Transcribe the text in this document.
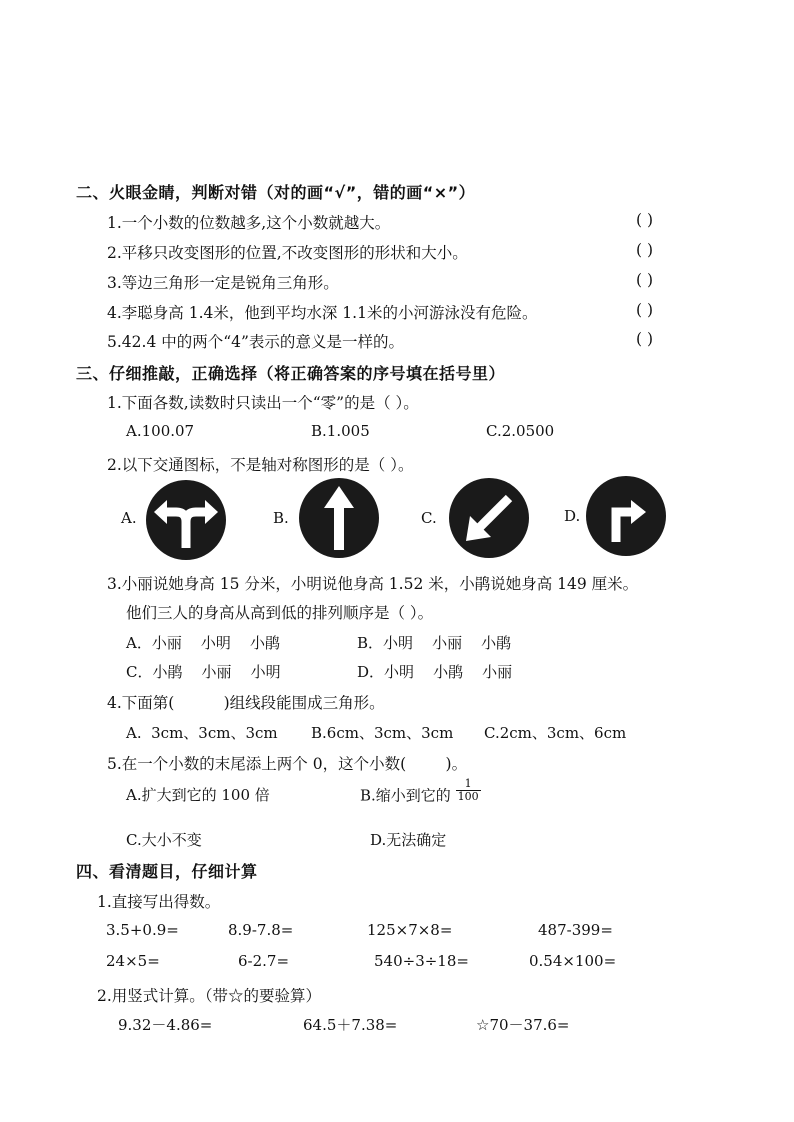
二、火眼金睛，判断对错（对的画“√”，错的画“×”）
1.一个小数的位数越多,这个小数就越大。	( )
2.平移只改变图形的位置,不改变图形的形状和大小。	( )
3.等边三角形一定是锐角三角形。	( )
4.李聪身高 1.4米，他到平均水深 1.1米的小河游泳没有危险。	( )
5.42.4 中的两个“4”表示的意义是一样的。	( )
三、仔细推敲，正确选择（将正确答案的序号填在括号里）
1.下面各数,读数时只读出一个“零”的是（ ）。
A.100.07	B.1.005	C.2.0500
2.以下交通图标，不是轴对称图形的是（ ）。
A.	B.	C.	D.
3.小丽说她身高 15 分米，小明说他身高 1.52 米，小鹃说她身高 149 厘米。
他们三人的身高从高到低的排列顺序是（ ）。
A．小丽    小明    小鹃	B．小明    小丽    小鹃
C．小鹃    小丽    小明	D．小明    小鹃    小丽
4.下面第(          )组线段能围成三角形。
A.  3cm、3cm、3cm B.6cm、3cm、3cm C.2cm、3cm、6cm
5.在一个小数的末尾添上两个 0，这个小数(        )。
A.扩大到它的 100 倍	B.缩小到它的 $\frac{1}{100}$
C.大小不变	D.无法确定
四、看清题目，仔细计算
1.直接写出得数。
3.5+0.9=	8.9-7.8=	125×7×8=	487-399=
24×5=	6-2.7=	540÷3÷18=	0.54×100=
2.用竖式计算。（带☆的要验算）
9.32－4.86=	64.5＋7.38=	☆70－37.6=
